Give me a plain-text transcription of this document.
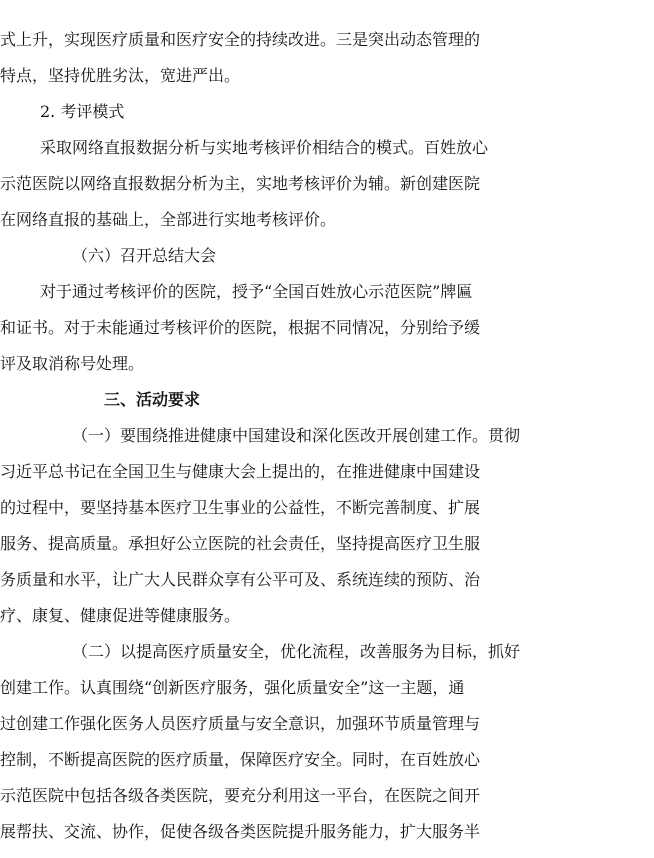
式上升，实现医疗质量和医疗安全的持续改进。三是突出动态管理的
特点，坚持优胜劣汰，宽进严出。
2. 考评模式
采取网络直报数据分析与实地考核评价相结合的模式。百姓放心
示范医院以网络直报数据分析为主，实地考核评价为辅。新创建医院
在网络直报的基础上，全部进行实地考核评价。
（六）召开总结大会
对于通过考核评价的医院，授予“全国百姓放心示范医院”牌匾
和证书。对于未能通过考核评价的医院，根据不同情况，分别给予缓
评及取消称号处理。
三、活动要求
（一）要围绕推进健康中国建设和深化医改开展创建工作。贯彻
习近平总书记在全国卫生与健康大会上提出的，在推进健康中国建设
的过程中，要坚持基本医疗卫生事业的公益性，不断完善制度、扩展
服务、提高质量。承担好公立医院的社会责任，坚持提高医疗卫生服
务质量和水平，让广大人民群众享有公平可及、系统连续的预防、治
疗、康复、健康促进等健康服务。
（二）以提高医疗质量安全，优化流程，改善服务为目标，抓好
创建工作。认真围绕“创新医疗服务，强化质量安全”这一主题，通
过创建工作强化医务人员医疗质量与安全意识，加强环节质量管理与
控制，不断提高医院的医疗质量，保障医疗安全。同时，在百姓放心
示范医院中包括各级各类医院，要充分利用这一平台，在医院之间开
展帮扶、交流、协作，促使各级各类医院提升服务能力，扩大服务半
